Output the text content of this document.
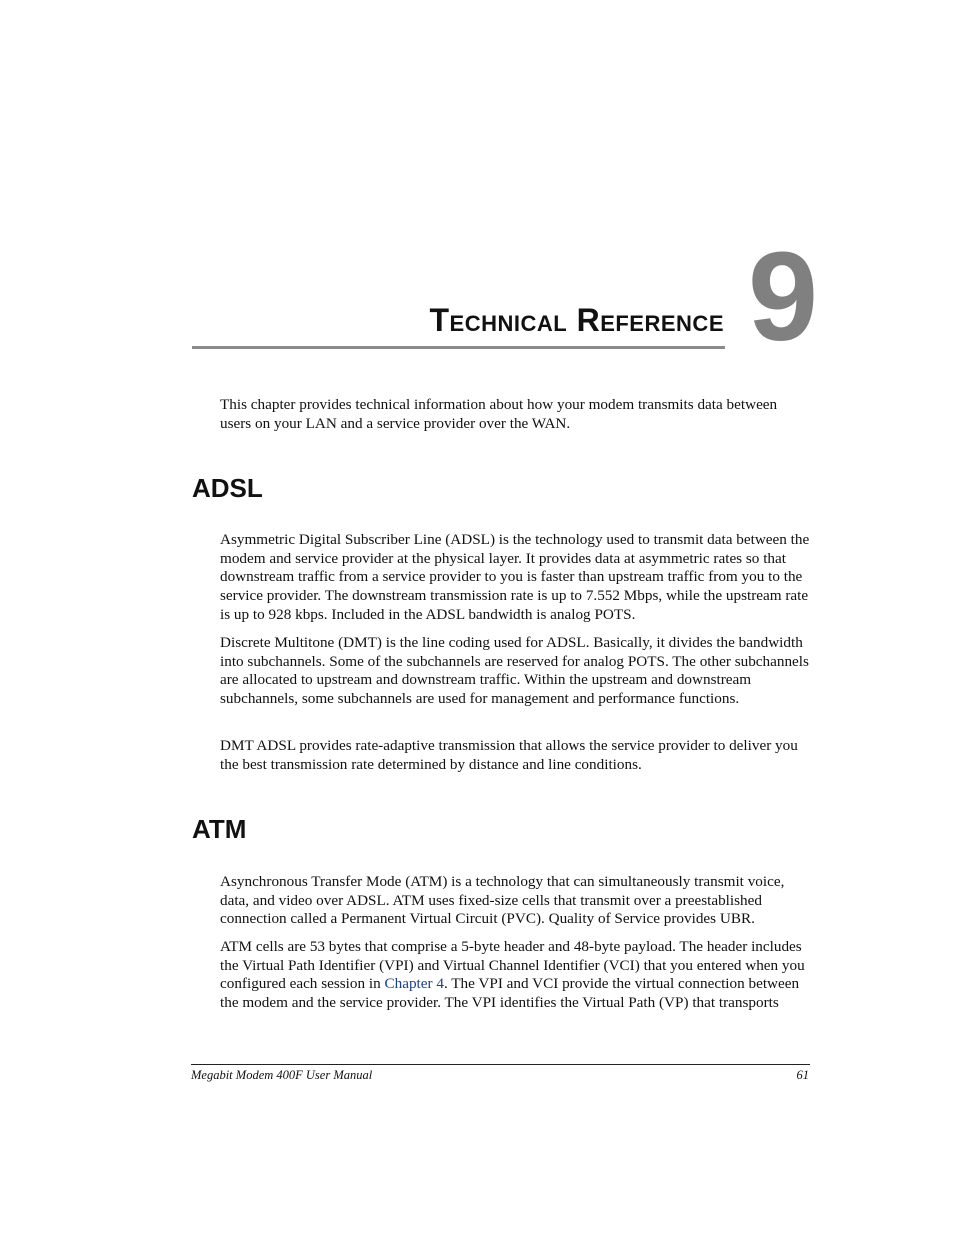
Technical Reference 9

This chapter provides technical information about how your modem transmits data between users on your LAN and a service provider over the WAN.

ADSL

Asymmetric Digital Subscriber Line (ADSL) is the technology used to transmit data between the modem and service provider at the physical layer. It provides data at asymmetric rates so that downstream traffic from a service provider to you is faster than upstream traffic from you to the service provider. The downstream transmission rate is up to 7.552 Mbps, while the upstream rate is up to 928 kbps. Included in the ADSL bandwidth is analog POTS.

Discrete Multitone (DMT) is the line coding used for ADSL. Basically, it divides the bandwidth into subchannels. Some of the subchannels are reserved for analog POTS. The other subchannels are allocated to upstream and downstream traffic. Within the upstream and downstream subchannels, some subchannels are used for management and performance functions.

DMT ADSL provides rate-adaptive transmission that allows the service provider to deliver you the best transmission rate determined by distance and line conditions.

ATM

Asynchronous Transfer Mode (ATM) is a technology that can simultaneously transmit voice, data, and video over ADSL. ATM uses fixed-size cells that transmit over a preestablished connection called a Permanent Virtual Circuit (PVC). Quality of Service provides UBR.

ATM cells are 53 bytes that comprise a 5-byte header and 48-byte payload. The header includes the Virtual Path Identifier (VPI) and Virtual Channel Identifier (VCI) that you entered when you configured each session in Chapter 4. The VPI and VCI provide the virtual connection between the modem and the service provider. The VPI identifies the Virtual Path (VP) that transports

Megabit Modem 400F User Manual	61
